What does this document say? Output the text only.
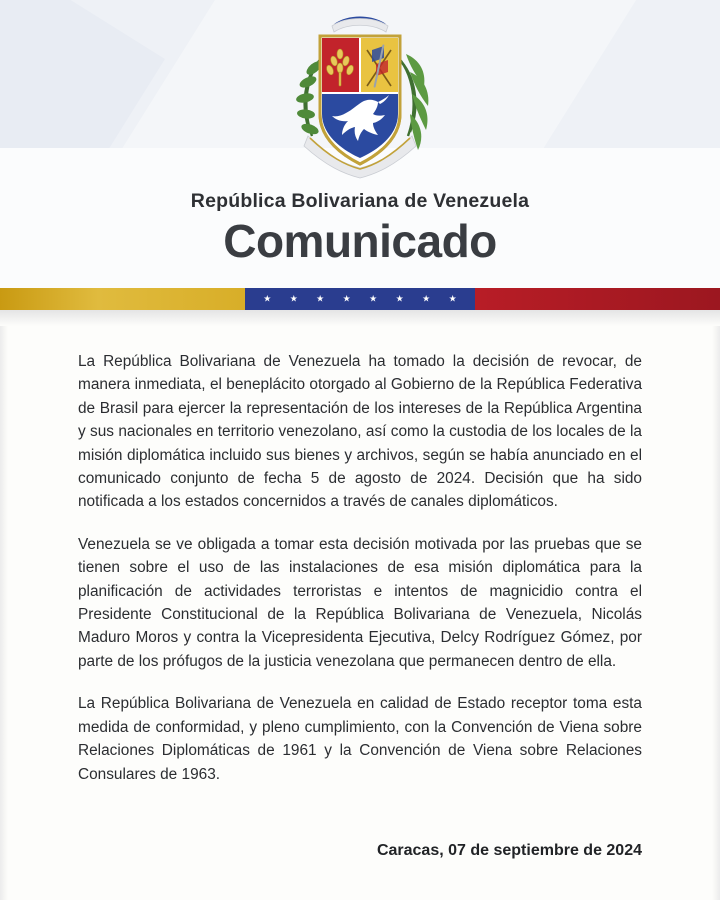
República Bolivariana de Venezuela
Comunicado
★ ★ ★ ★ ★ ★ ★ ★

La República Bolivariana de Venezuela ha tomado la decisión de revocar, de manera inmediata, el beneplácito otorgado al Gobierno de la República Federativa de Brasil para ejercer la representación de los intereses de la República Argentina y sus nacionales en territorio venezolano, así como la custodia de los locales de la misión diplomática incluido sus bienes y archivos, según se había anunciado en el comunicado conjunto de fecha 5 de agosto de 2024. Decisión que ha sido notificada a los estados concernidos a través de canales diplomáticos.

Venezuela se ve obligada a tomar esta decisión motivada por las pruebas que se tienen sobre el uso de las instalaciones de esa misión diplomática para la planificación de actividades terroristas e intentos de magnicidio contra el Presidente Constitucional de la República Bolivariana de Venezuela, Nicolás Maduro Moros y contra la Vicepresidenta Ejecutiva, Delcy Rodríguez Gómez, por parte de los prófugos de la justicia venezolana que permanecen dentro de ella.

La República Bolivariana de Venezuela en calidad de Estado receptor toma esta medida de conformidad, y pleno cumplimiento, con la Convención de Viena sobre Relaciones Diplomáticas de 1961 y la Convención de Viena sobre Relaciones Consulares de 1963.

Caracas, 07 de septiembre de 2024
